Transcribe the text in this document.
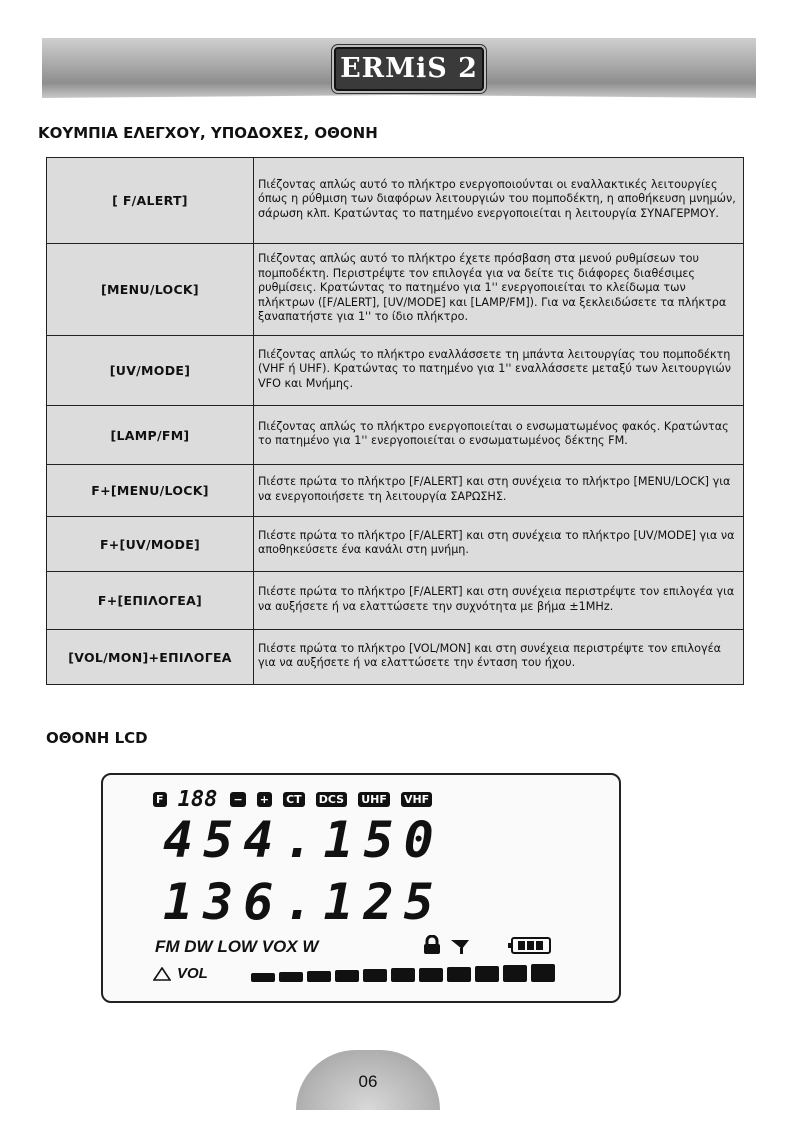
ERMiS 2
ΚΟΥΜΠΙΑ ΕΛΕΓΧΟΥ, ΥΠΟΔΟΧΕΣ, ΟΘΟΝΗ
[ F/ALERT]	Πιέζοντας απλώς αυτό το πλήκτρο ενεργοποιούνται οι εναλλακτικές λειτουργίες όπως η ρύθμιση των διαφόρων λειτουργιών του πομποδέκτη, η αποθήκευση μνημών, σάρωση κλπ. Κρατώντας το πατημένο ενεργοποιείται η λειτουργία ΣΥΝΑΓΕΡΜΟΥ.
[MENU/LOCK]	Πιέζοντας απλώς αυτό το πλήκτρο έχετε πρόσβαση στα μενού ρυθμίσεων του πομποδέκτη. Περιστρέψτε τον επιλογέα για να δείτε τις διάφορες διαθέσιμες ρυθμίσεις. Κρατώντας το πατημένο για 1'' ενεργοποιείται το κλείδωμα των πλήκτρων ([F/ALERT], [UV/MODE] και [LAMP/FM]). Για να ξεκλειδώσετε τα πλήκτρα ξαναπατήστε για 1'' το ίδιο πλήκτρο.
[UV/MODE]	Πιέζοντας απλώς το πλήκτρο εναλλάσσετε τη μπάντα λειτουργίας του πομποδέκτη (VHF ή UHF). Κρατώντας το πατημένο για 1'' εναλλάσσετε μεταξύ των λειτουργιών VFO και Μνήμης.
[LAMP/FM]	Πιέζοντας απλώς το πλήκτρο ενεργοποιείται ο ενσωματωμένος φακός. Κρατώντας το πατημένο για 1'' ενεργοποιείται ο ενσωματωμένος δέκτης FM.
F+[MENU/LOCK]	Πιέστε πρώτα το πλήκτρο [F/ALERT] και στη συνέχεια το πλήκτρο [MENU/LOCK] για να ενεργοποιήσετε τη λειτουργία ΣΑΡΩΣΗΣ.
F+[UV/MODE]	Πιέστε πρώτα το πλήκτρο [F/ALERT] και στη συνέχεια το πλήκτρο [UV/MODE] για να αποθηκεύσετε ένα κανάλι στη μνήμη.
F+[ΕΠΙΛΟΓΕΑ]	Πιέστε πρώτα το πλήκτρο [F/ALERT] και στη συνέχεια περιστρέψτε τον επιλογέα για να αυξήσετε ή να ελαττώσετε την συχνότητα με βήμα ±1MHz.
[VOL/MON]+ΕΠΙΛΟΓΕΑ	Πιέστε πρώτα το πλήκτρο [VOL/MON] και στη συνέχεια περιστρέψτε τον επιλογέα για να αυξήσετε ή να ελαττώσετε την ένταση του ήχου.
ΟΘΟΝΗ LCD
F 188 − + CT DCS UHF VHF
454.150
136.125
FM DW LOW VOX W
VOL
06
